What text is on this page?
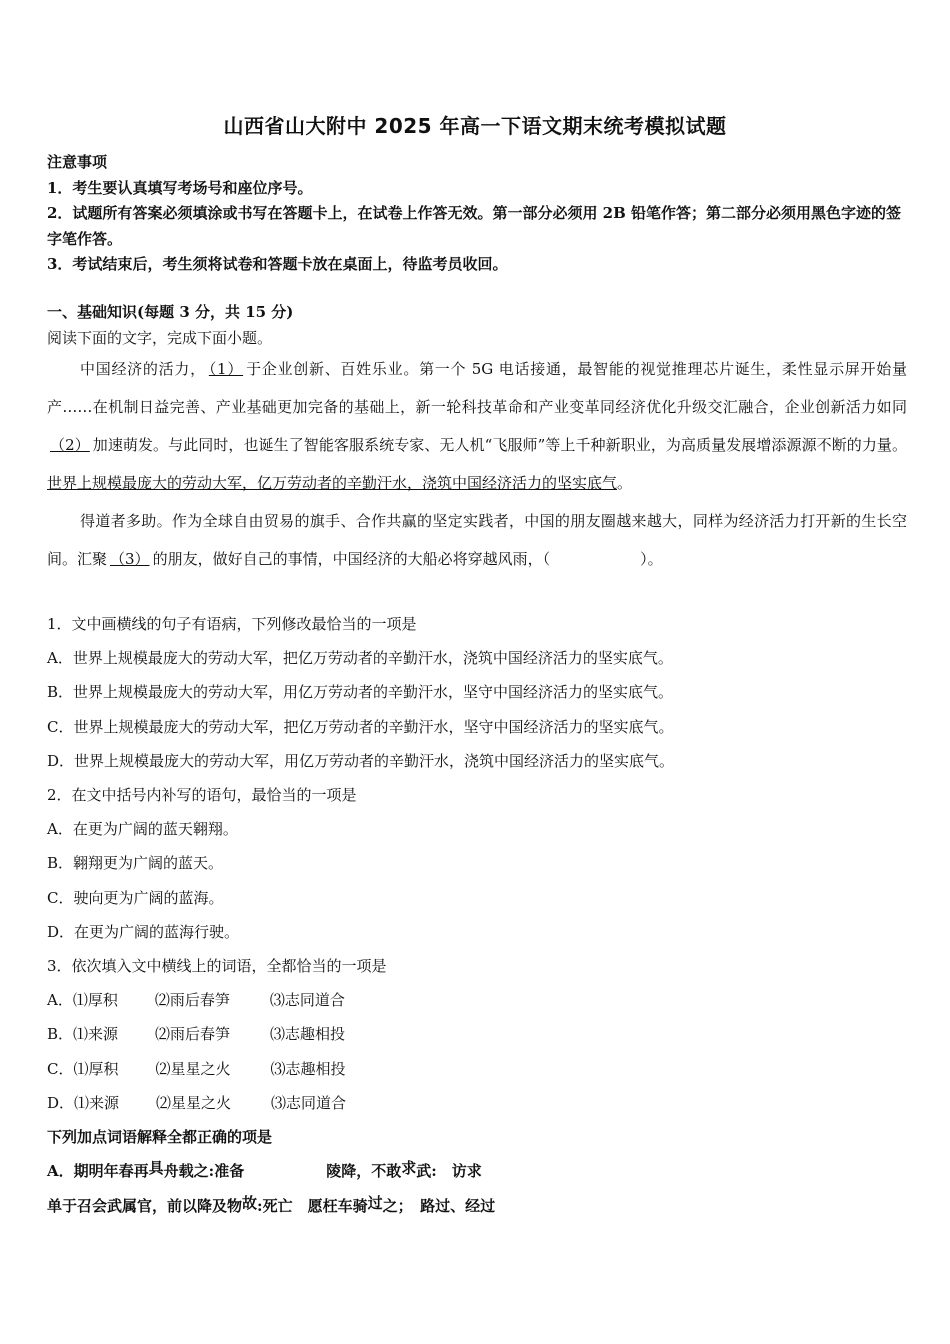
山西省山大附中 2025 年高一下语文期末统考模拟试题
注意事项
1．考生要认真填写考场号和座位序号。
2．试题所有答案必须填涂或书写在答题卡上，在试卷上作答无效。第一部分必须用 2B 铅笔作答；第二部分必须用黑色字迹的签字笔作答。
3．考试结束后，考生须将试卷和答题卡放在桌面上，待监考员收回。
一、基础知识(每题 3 分，共 15 分)
阅读下面的文字，完成下面小题。

中国经济的活力， （1） 于企业创新、百姓乐业。第一个 5G 电话接通，最智能的视觉推理芯片诞生，柔性显示屏开始量产……在机制日益完善、产业基础更加完备的基础上，新一轮科技革命和产业变革同经济优化升级交汇融合，企业创新活力如同（2） 加速萌发。与此同时，也诞生了智能客服系统专家、无人机“飞服师”等上千种新职业，为高质量发展增添源源不断的力量。世界上规模最庞大的劳动大军，亿万劳动者的辛勤汗水，浇筑中国经济活力的坚实底气。

得道者多助。作为全球自由贸易的旗手、合作共赢的坚定实践者，中国的朋友圈越来越大，同样为经济活力打开新的生长空间。汇聚 （3） 的朋友，做好自己的事情，中国经济的大船必将穿越风雨，（　　　　　　	）。

1．文中画横线的句子有语病，下列修改最恰当的一项是
A．世界上规模最庞大的劳动大军，把亿万劳动者的辛勤汗水，浇筑中国经济活力的坚实底气。
B．世界上规模最庞大的劳动大军，用亿万劳动者的辛勤汗水，坚守中国经济活力的坚实底气。
C．世界上规模最庞大的劳动大军，把亿万劳动者的辛勤汗水，坚守中国经济活力的坚实底气。
D．世界上规模最庞大的劳动大军，用亿万劳动者的辛勤汗水，浇筑中国经济活力的坚实底气。
2．在文中括号内补写的语句，最恰当的一项是
A．在更为广阔的蓝天翱翔。
B．翱翔更为广阔的蓝天。
C．驶向更为广阔的蓝海。
D．在更为广阔的蓝海行驶。
3．依次填入文中横线上的词语，全都恰当的一项是
A．⑴厚积 ⑵雨后春笋	⑶志同道合
B．⑴来源 ⑵雨后春笋	⑶志趣相投
C．⑴厚积 ⑵星星之火	⑶志趣相投
D．⑴来源 ⑵星星之火	⑶志同道合
下列加点词语解释全都正确的项是
A．期明年春再具舟载之:准备	陵降，不敢求武:　访求
单于召会武属官，前以降及物故:死亡　愿枉车骑过之；　路过、经过
